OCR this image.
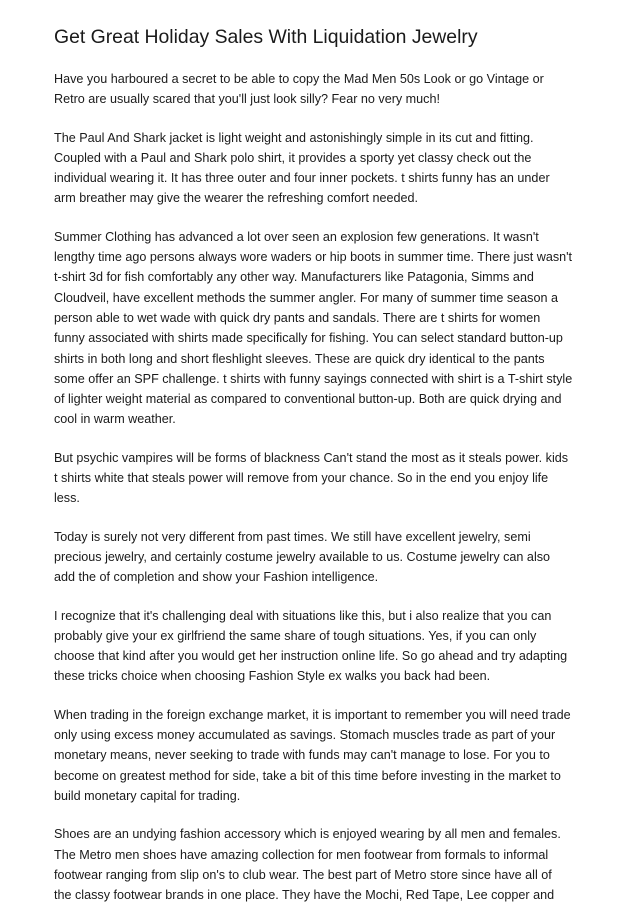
Get Great Holiday Sales With Liquidation Jewelry

Have you harboured a secret to be able to copy the Mad Men 50s Look or go Vintage or
Retro are usually scared that you'll just look silly? Fear no very much!

The Paul And Shark jacket is light weight and astonishingly simple in its cut and fitting.
Coupled with a Paul and Shark polo shirt, it provides a sporty yet classy check out the
individual wearing it. It has three outer and four inner pockets. t shirts funny has an under
arm breather may give the wearer the refreshing comfort needed.

Summer Clothing has advanced a lot over seen an explosion few generations. It wasn't
lengthy time ago persons always wore waders or hip boots in summer time. There just wasn't
t-shirt 3d for fish comfortably any other way. Manufacturers like Patagonia, Simms and
Cloudveil, have excellent methods the summer angler. For many of summer time season a
person able to wet wade with quick dry pants and sandals. There are t shirts for women
funny associated with shirts made specifically for fishing. You can select standard button-up
shirts in both long and short fleshlight sleeves. These are quick dry identical to the pants
some offer an SPF challenge. t shirts with funny sayings connected with shirt is a T-shirt style
of lighter weight material as compared to conventional button-up. Both are quick drying and
cool in warm weather.

But psychic vampires will be forms of blackness Can't stand the most as it steals power. kids
t shirts white that steals power will remove from your chance. So in the end you enjoy life
less.

Today is surely not very different from past times. We still have excellent jewelry, semi
precious jewelry, and certainly costume jewelry available to us. Costume jewelry can also
add the of completion and show your Fashion intelligence.

I recognize that it's challenging deal with situations like this, but i also realize that you can
probably give your ex girlfriend the same share of tough situations. Yes, if you can only
choose that kind after you would get her instruction online life. So go ahead and try adapting
these tricks choice when choosing Fashion Style ex walks you back had been.

When trading in the foreign exchange market, it is important to remember you will need trade
only using excess money accumulated as savings. Stomach muscles trade as part of your
monetary means, never seeking to trade with funds may can't manage to lose. For you to
become on greatest method for side, take a bit of this time before investing in the market to
build monetary capital for trading.

Shoes are an undying fashion accessory which is enjoyed wearing by all men and females.
The Metro men shoes have amazing collection for men footwear from formals to informal
footwear ranging from slip on's to club wear. The best part of Metro store since have all of
the classy footwear brands in one place. They have the Mochi, Red Tape, Lee copper and
